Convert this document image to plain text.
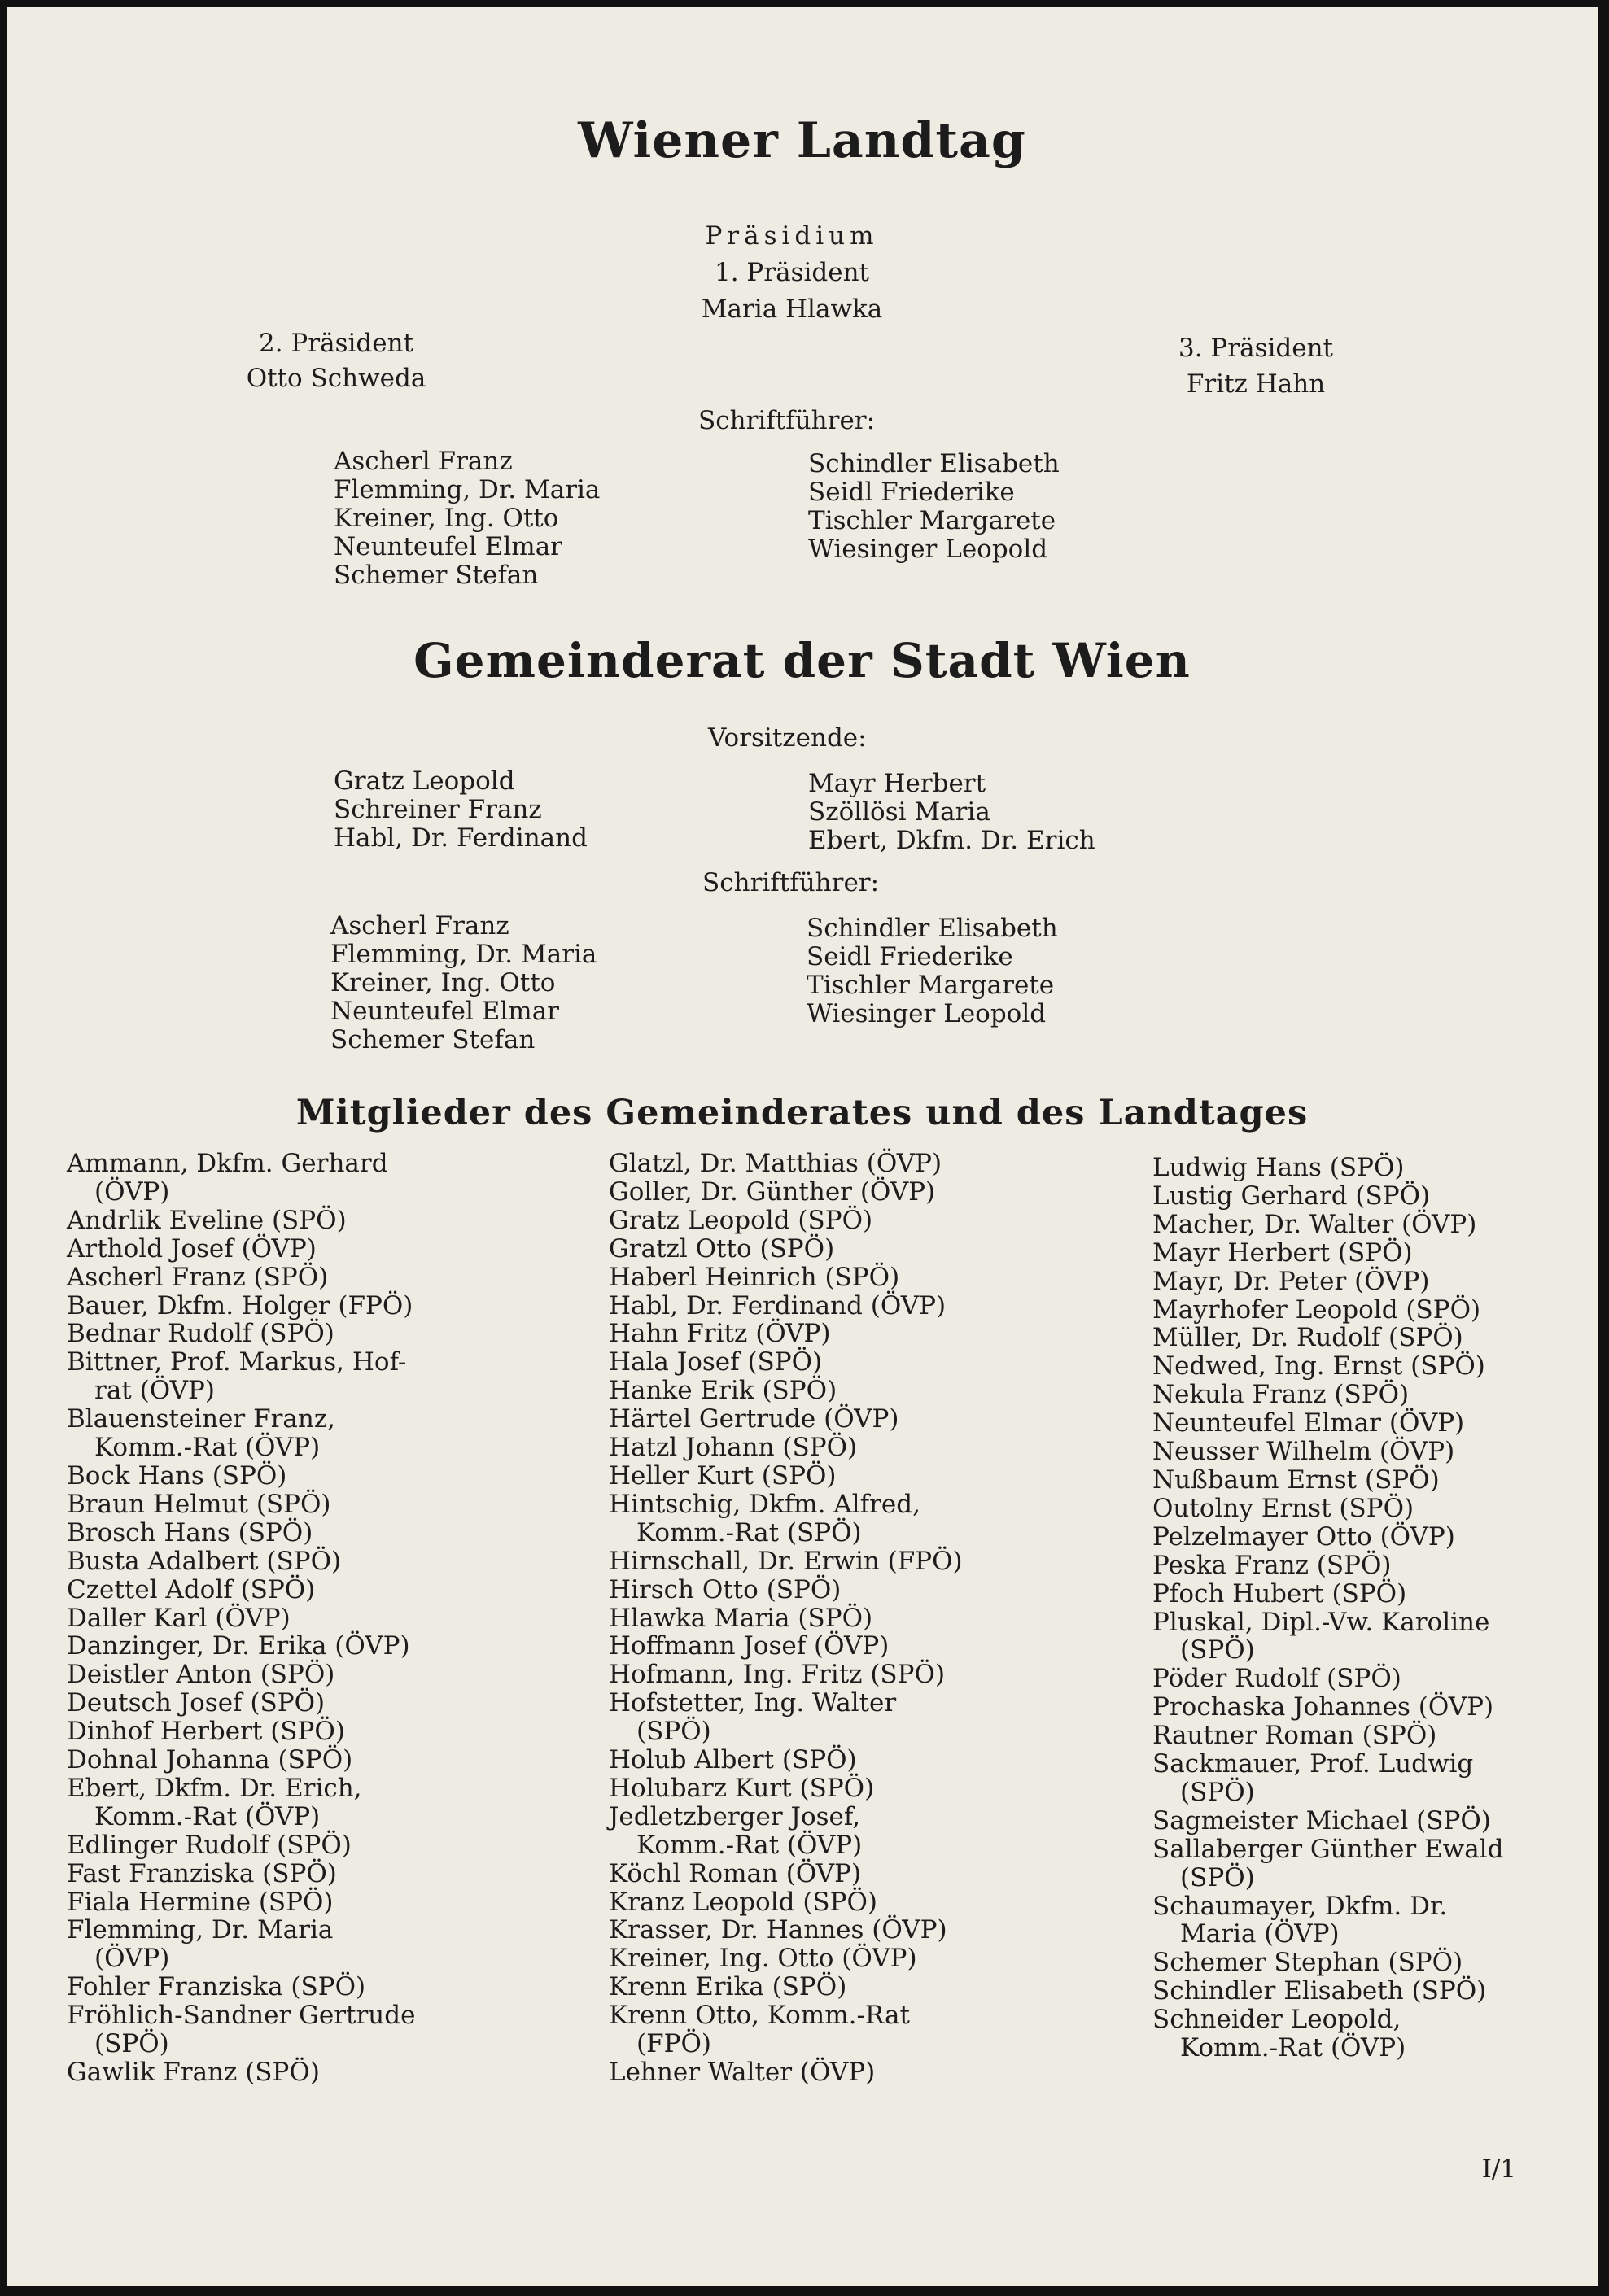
Wiener Landtag
Präsidium
1. Präsident
Maria Hlawka
2. Präsident
Otto Schweda
3. Präsident
Fritz Hahn
Schriftführer:
Ascherl Franz
Flemming, Dr. Maria
Kreiner, Ing. Otto
Neunteufel Elmar
Schemer Stefan
Schindler Elisabeth
Seidl Friederike
Tischler Margarete
Wiesinger Leopold
Gemeinderat der Stadt Wien
Vorsitzende:
Gratz Leopold
Schreiner Franz
Habl, Dr. Ferdinand
Mayr Herbert
Szöllösi Maria
Ebert, Dkfm. Dr. Erich
Schriftführer:
Ascherl Franz
Flemming, Dr. Maria
Kreiner, Ing. Otto
Neunteufel Elmar
Schemer Stefan
Schindler Elisabeth
Seidl Friederike
Tischler Margarete
Wiesinger Leopold
Mitglieder des Gemeinderates und des Landtages
Ammann, Dkfm. Gerhard
(ÖVP)
Andrlik Eveline (SPÖ)
Arthold Josef (ÖVP)
Ascherl Franz (SPÖ)
Bauer, Dkfm. Holger (FPÖ)
Bednar Rudolf (SPÖ)
Bittner, Prof. Markus, Hof-
rat (ÖVP)
Blauensteiner Franz,
Komm.-Rat (ÖVP)
Bock Hans (SPÖ)
Braun Helmut (SPÖ)
Brosch Hans (SPÖ)
Busta Adalbert (SPÖ)
Czettel Adolf (SPÖ)
Daller Karl (ÖVP)
Danzinger, Dr. Erika (ÖVP)
Deistler Anton (SPÖ)
Deutsch Josef (SPÖ)
Dinhof Herbert (SPÖ)
Dohnal Johanna (SPÖ)
Ebert, Dkfm. Dr. Erich,
Komm.-Rat (ÖVP)
Edlinger Rudolf (SPÖ)
Fast Franziska (SPÖ)
Fiala Hermine (SPÖ)
Flemming, Dr. Maria
(ÖVP)
Fohler Franziska (SPÖ)
Fröhlich-Sandner Gertrude
(SPÖ)
Gawlik Franz (SPÖ)
Glatzl, Dr. Matthias (ÖVP)
Goller, Dr. Günther (ÖVP)
Gratz Leopold (SPÖ)
Gratzl Otto (SPÖ)
Haberl Heinrich (SPÖ)
Habl, Dr. Ferdinand (ÖVP)
Hahn Fritz (ÖVP)
Hala Josef (SPÖ)
Hanke Erik (SPÖ)
Härtel Gertrude (ÖVP)
Hatzl Johann (SPÖ)
Heller Kurt (SPÖ)
Hintschig, Dkfm. Alfred,
Komm.-Rat (SPÖ)
Hirnschall, Dr. Erwin (FPÖ)
Hirsch Otto (SPÖ)
Hlawka Maria (SPÖ)
Hoffmann Josef (ÖVP)
Hofmann, Ing. Fritz (SPÖ)
Hofstetter, Ing. Walter
(SPÖ)
Holub Albert (SPÖ)
Holubarz Kurt (SPÖ)
Jedletzberger Josef,
Komm.-Rat (ÖVP)
Köchl Roman (ÖVP)
Kranz Leopold (SPÖ)
Krasser, Dr. Hannes (ÖVP)
Kreiner, Ing. Otto (ÖVP)
Krenn Erika (SPÖ)
Krenn Otto, Komm.-Rat
(FPÖ)
Lehner Walter (ÖVP)
Ludwig Hans (SPÖ)
Lustig Gerhard (SPÖ)
Macher, Dr. Walter (ÖVP)
Mayr Herbert (SPÖ)
Mayr, Dr. Peter (ÖVP)
Mayrhofer Leopold (SPÖ)
Müller, Dr. Rudolf (SPÖ)
Nedwed, Ing. Ernst (SPÖ)
Nekula Franz (SPÖ)
Neunteufel Elmar (ÖVP)
Neusser Wilhelm (ÖVP)
Nußbaum Ernst (SPÖ)
Outolny Ernst (SPÖ)
Pelzelmayer Otto (ÖVP)
Peska Franz (SPÖ)
Pfoch Hubert (SPÖ)
Pluskal, Dipl.-Vw. Karoline
(SPÖ)
Pöder Rudolf (SPÖ)
Prochaska Johannes (ÖVP)
Rautner Roman (SPÖ)
Sackmauer, Prof. Ludwig
(SPÖ)
Sagmeister Michael (SPÖ)
Sallaberger Günther Ewald
(SPÖ)
Schaumayer, Dkfm. Dr.
Maria (ÖVP)
Schemer Stephan (SPÖ)
Schindler Elisabeth (SPÖ)
Schneider Leopold,
Komm.-Rat (ÖVP)
I/1
